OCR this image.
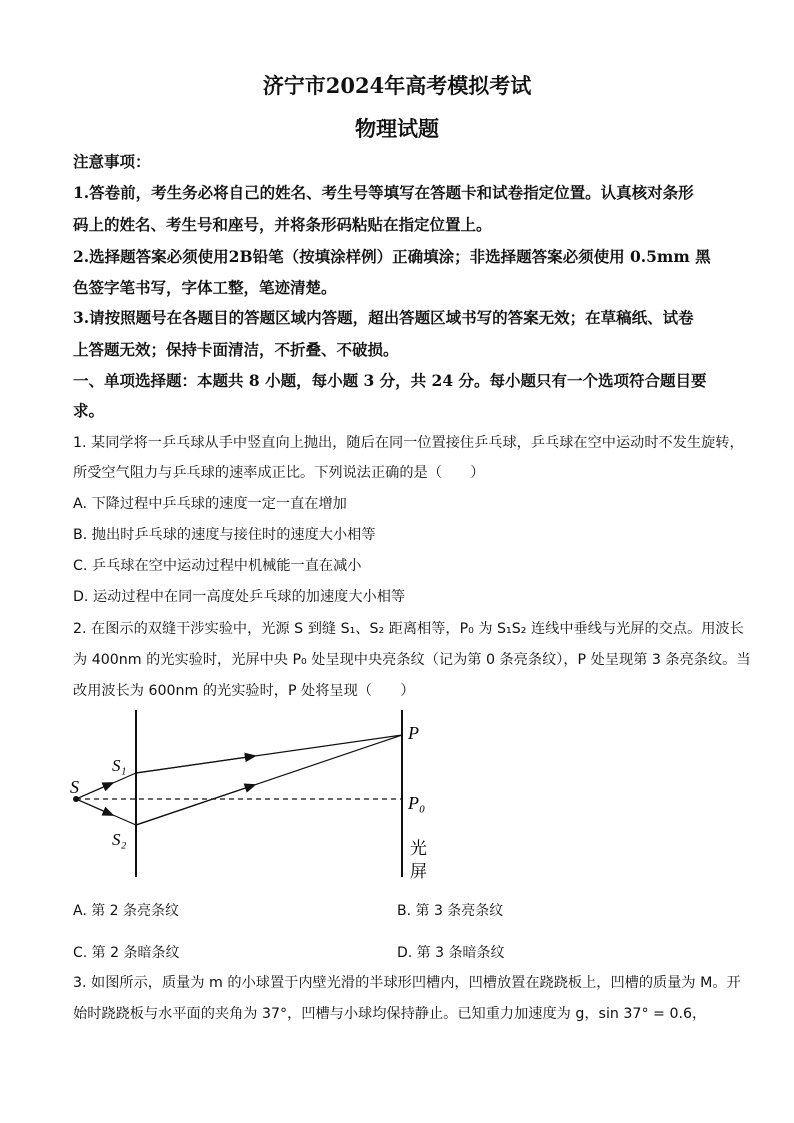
济宁市2024年高考模拟考试
物理试题
注意事项：
1.答卷前，考生务必将自己的姓名、考生号等填写在答题卡和试卷指定位置。认真核对条形
码上的姓名、考生号和座号，并将条形码粘贴在指定位置上。
2.选择题答案必须使用2B铅笔（按填涂样例）正确填涂；非选择题答案必须使用 0.5mm 黑
色签字笔书写，字体工整，笔迹清楚。
3.请按照题号在各题目的答题区域内答题，超出答题区域书写的答案无效；在草稿纸、试卷
上答题无效；保持卡面清洁，不折叠、不破损。
一、单项选择题：本题共 8 小题，每小题 3 分，共 24 分。每小题只有一个选项符合题目要
求。
1. 某同学将一乒乓球从手中竖直向上抛出，随后在同一位置接住乒乓球，乒乓球在空中运动时不发生旋转，
所受空气阻力与乒乓球的速率成正比。下列说法正确的是（　　）
A. 下降过程中乒乓球的速度一定一直在增加
B. 抛出时乒乓球的速度与接住时的速度大小相等
C. 乒乓球在空中运动过程中机械能一直在减小
D. 运动过程中在同一高度处乒乓球的加速度大小相等
2. 在图示的双缝干涉实验中，光源 S 到缝 S₁、S₂ 距离相等，P₀ 为 S₁S₂ 连线中垂线与光屏的交点。用波长
为 400nm 的光实验时，光屏中央 P₀ 处呈现中央亮条纹（记为第 0 条亮条纹），P 处呈现第 3 条亮条纹。当
改用波长为 600nm 的光实验时，P 处将呈现（　　）
S
S₁
S₂
P
P₀
光
屏
A. 第 2 条亮条纹	B. 第 3 条亮条纹
C. 第 2 条暗条纹	D. 第 3 条暗条纹
3. 如图所示，质量为 m 的小球置于内壁光滑的半球形凹槽内，凹槽放置在跷跷板上，凹槽的质量为 M。开
始时跷跷板与水平面的夹角为 37°，凹槽与小球均保持静止。已知重力加速度为 g，sin 37° = 0.6，
